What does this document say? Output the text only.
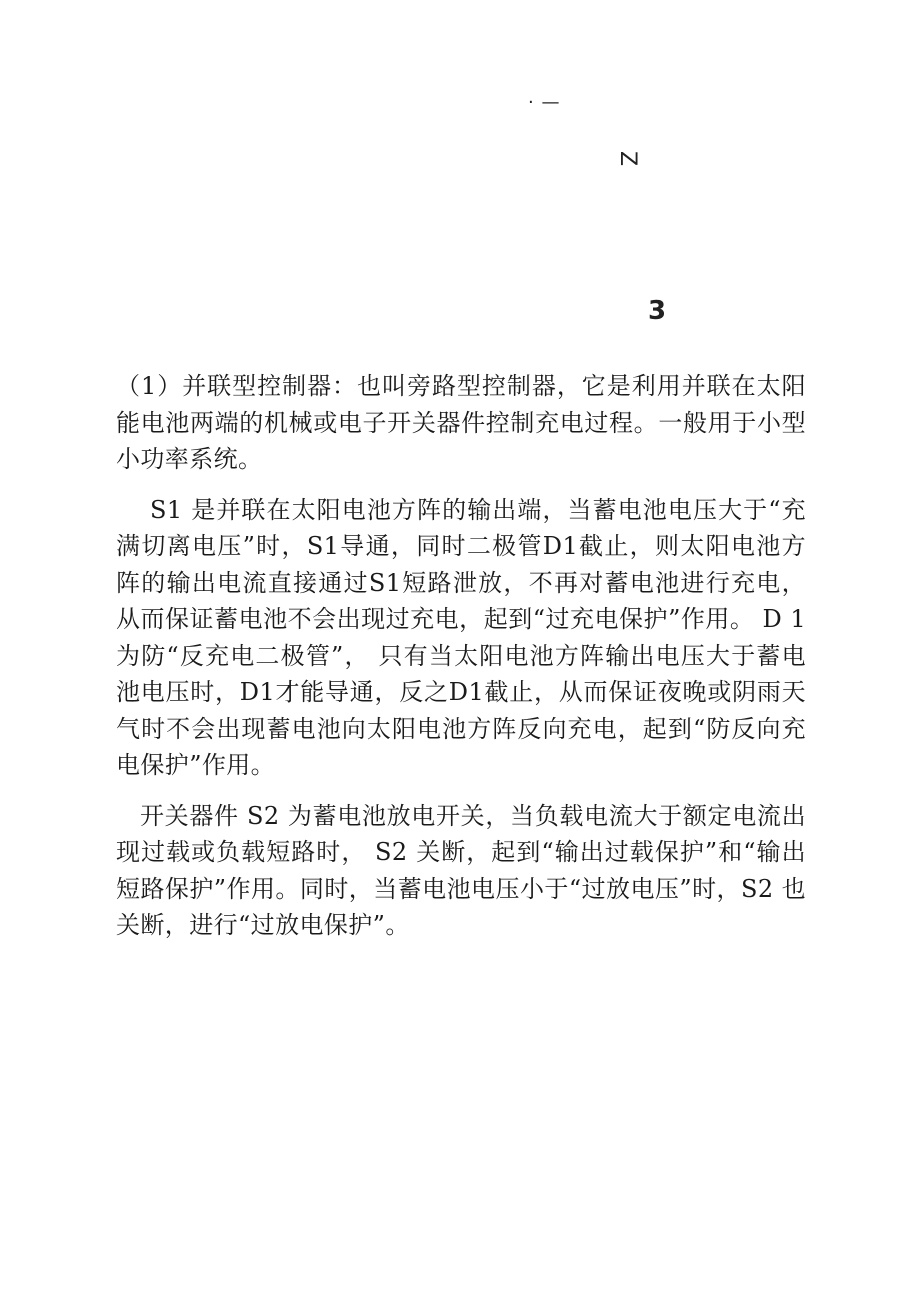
· —
Z
3

（1）并联型控制器：也叫旁路型控制器，它是利用并联在太阳能电池两端的机械或电子开关器件控制充电过程。一般用于小型小功率系统。

S1 是并联在太阳电池方阵的输出端，当蓄电池电压大于“充满切离电压”时，S1导通，同时二极管D1截止，则太阳电池方 阵的输出电流直接通过S1短路泄放，不再对蓄电池进行充电， 从而保证蓄电池不会出现过充电，起到“过充电保护”作用。 D 1 为防“反充电二极管”， 只有当太阳电池方阵输出电压大于蓄电 池电压时，D1才能导通，反之D1截止，从而保证夜晚或阴雨天 气时不会出现蓄电池向太阳电池方阵反向充电，起到“防反向充 电保护”作用。

开关器件 S2 为蓄电池放电开关，当负载电流大于额定电流出现过载或负载短路时， S2 关断，起到“输出过载保护”和“输出短路保护”作用。同时，当蓄电池电压小于“过放电压”时，S2 也关断，进行“过放电保护”。
